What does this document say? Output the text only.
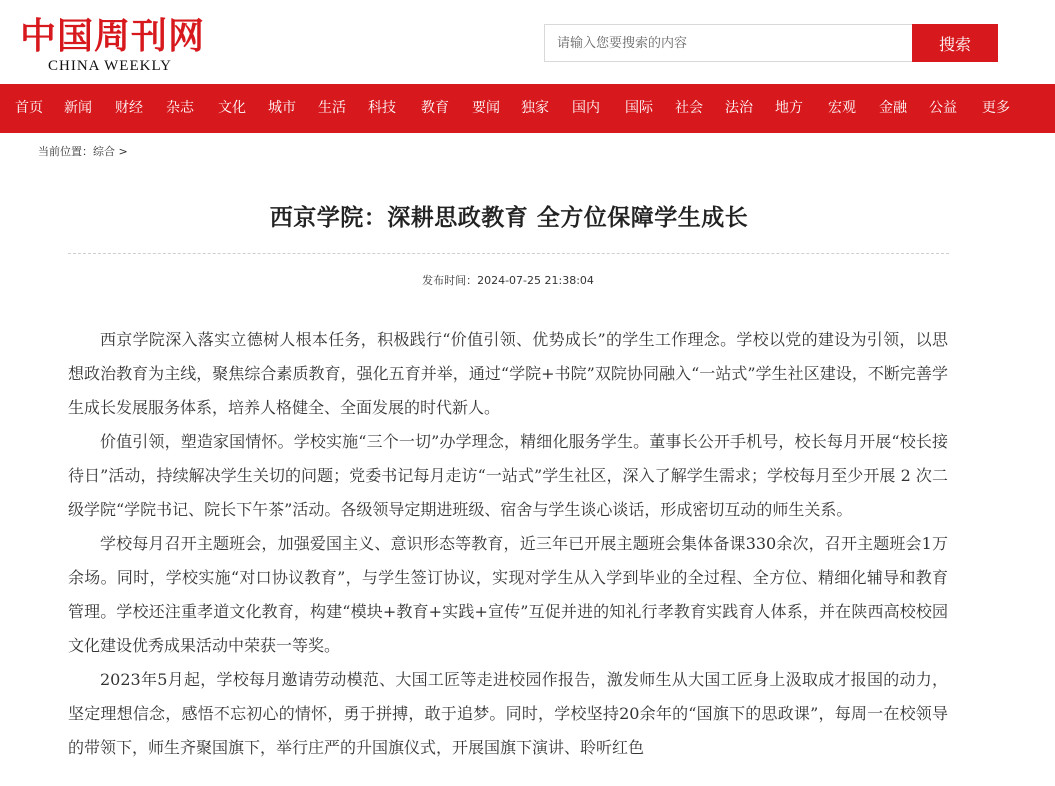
中国周刊网
CHINA WEEKLY
请输入您要搜索的内容
搜索
首页 新闻 财经 杂志 文化 城市 生活 科技 教育 要闻 独家 国内 国际 社会 法治 地方 宏观 金融 公益 更多
当前位置：综合 >
西京学院：深耕思政教育 全方位保障学生成长
发布时间：2024-07-25 21:38:04

西京学院深入落实立德树人根本任务，积极践行“价值引领、优势成长”的学生工作理念。学校以党的建设为引领，以思想政治教育为主线，聚焦综合素质教育，强化五育并举，通过“学院+书院”双院协同融入“一站式”学生社区建设，不断完善学生成长发展服务体系，培养人格健全、全面发展的时代新人。

价值引领，塑造家国情怀。学校实施“三个一切”办学理念，精细化服务学生。董事长公开手机号，校长每月开展“校长接待日”活动，持续解决学生关切的问题；党委书记每月走访“一站式”学生社区，深入了解学生需求；学校每月至少开展 2 次二级学院“学院书记、院长下午茶”活动。各级领导定期进班级、宿舍与学生谈心谈话，形成密切互动的师生关系。

学校每月召开主题班会，加强爱国主义、意识形态等教育，近三年已开展主题班会集体备课330余次，召开主题班会1万余场。同时，学校实施“对口协议教育”，与学生签订协议，实现对学生从入学到毕业的全过程、全方位、精细化辅导和教育管理。学校还注重孝道文化教育，构建“模块+教育+实践+宣传”互促并进的知礼行孝教育实践育人体系，并在陕西高校校园文化建设优秀成果活动中荣获一等奖。

2023年5月起，学校每月邀请劳动模范、大国工匠等走进校园作报告，激发师生从大国工匠身上汲取成才报国的动力，坚定理想信念，感悟不忘初心的情怀，勇于拼搏，敢于追梦。同时，学校坚持20余年的“国旗下的思政课”，每周一在校领导的带领下，师生齐聚国旗下，举行庄严的升国旗仪式，开展国旗下演讲、聆听红色
